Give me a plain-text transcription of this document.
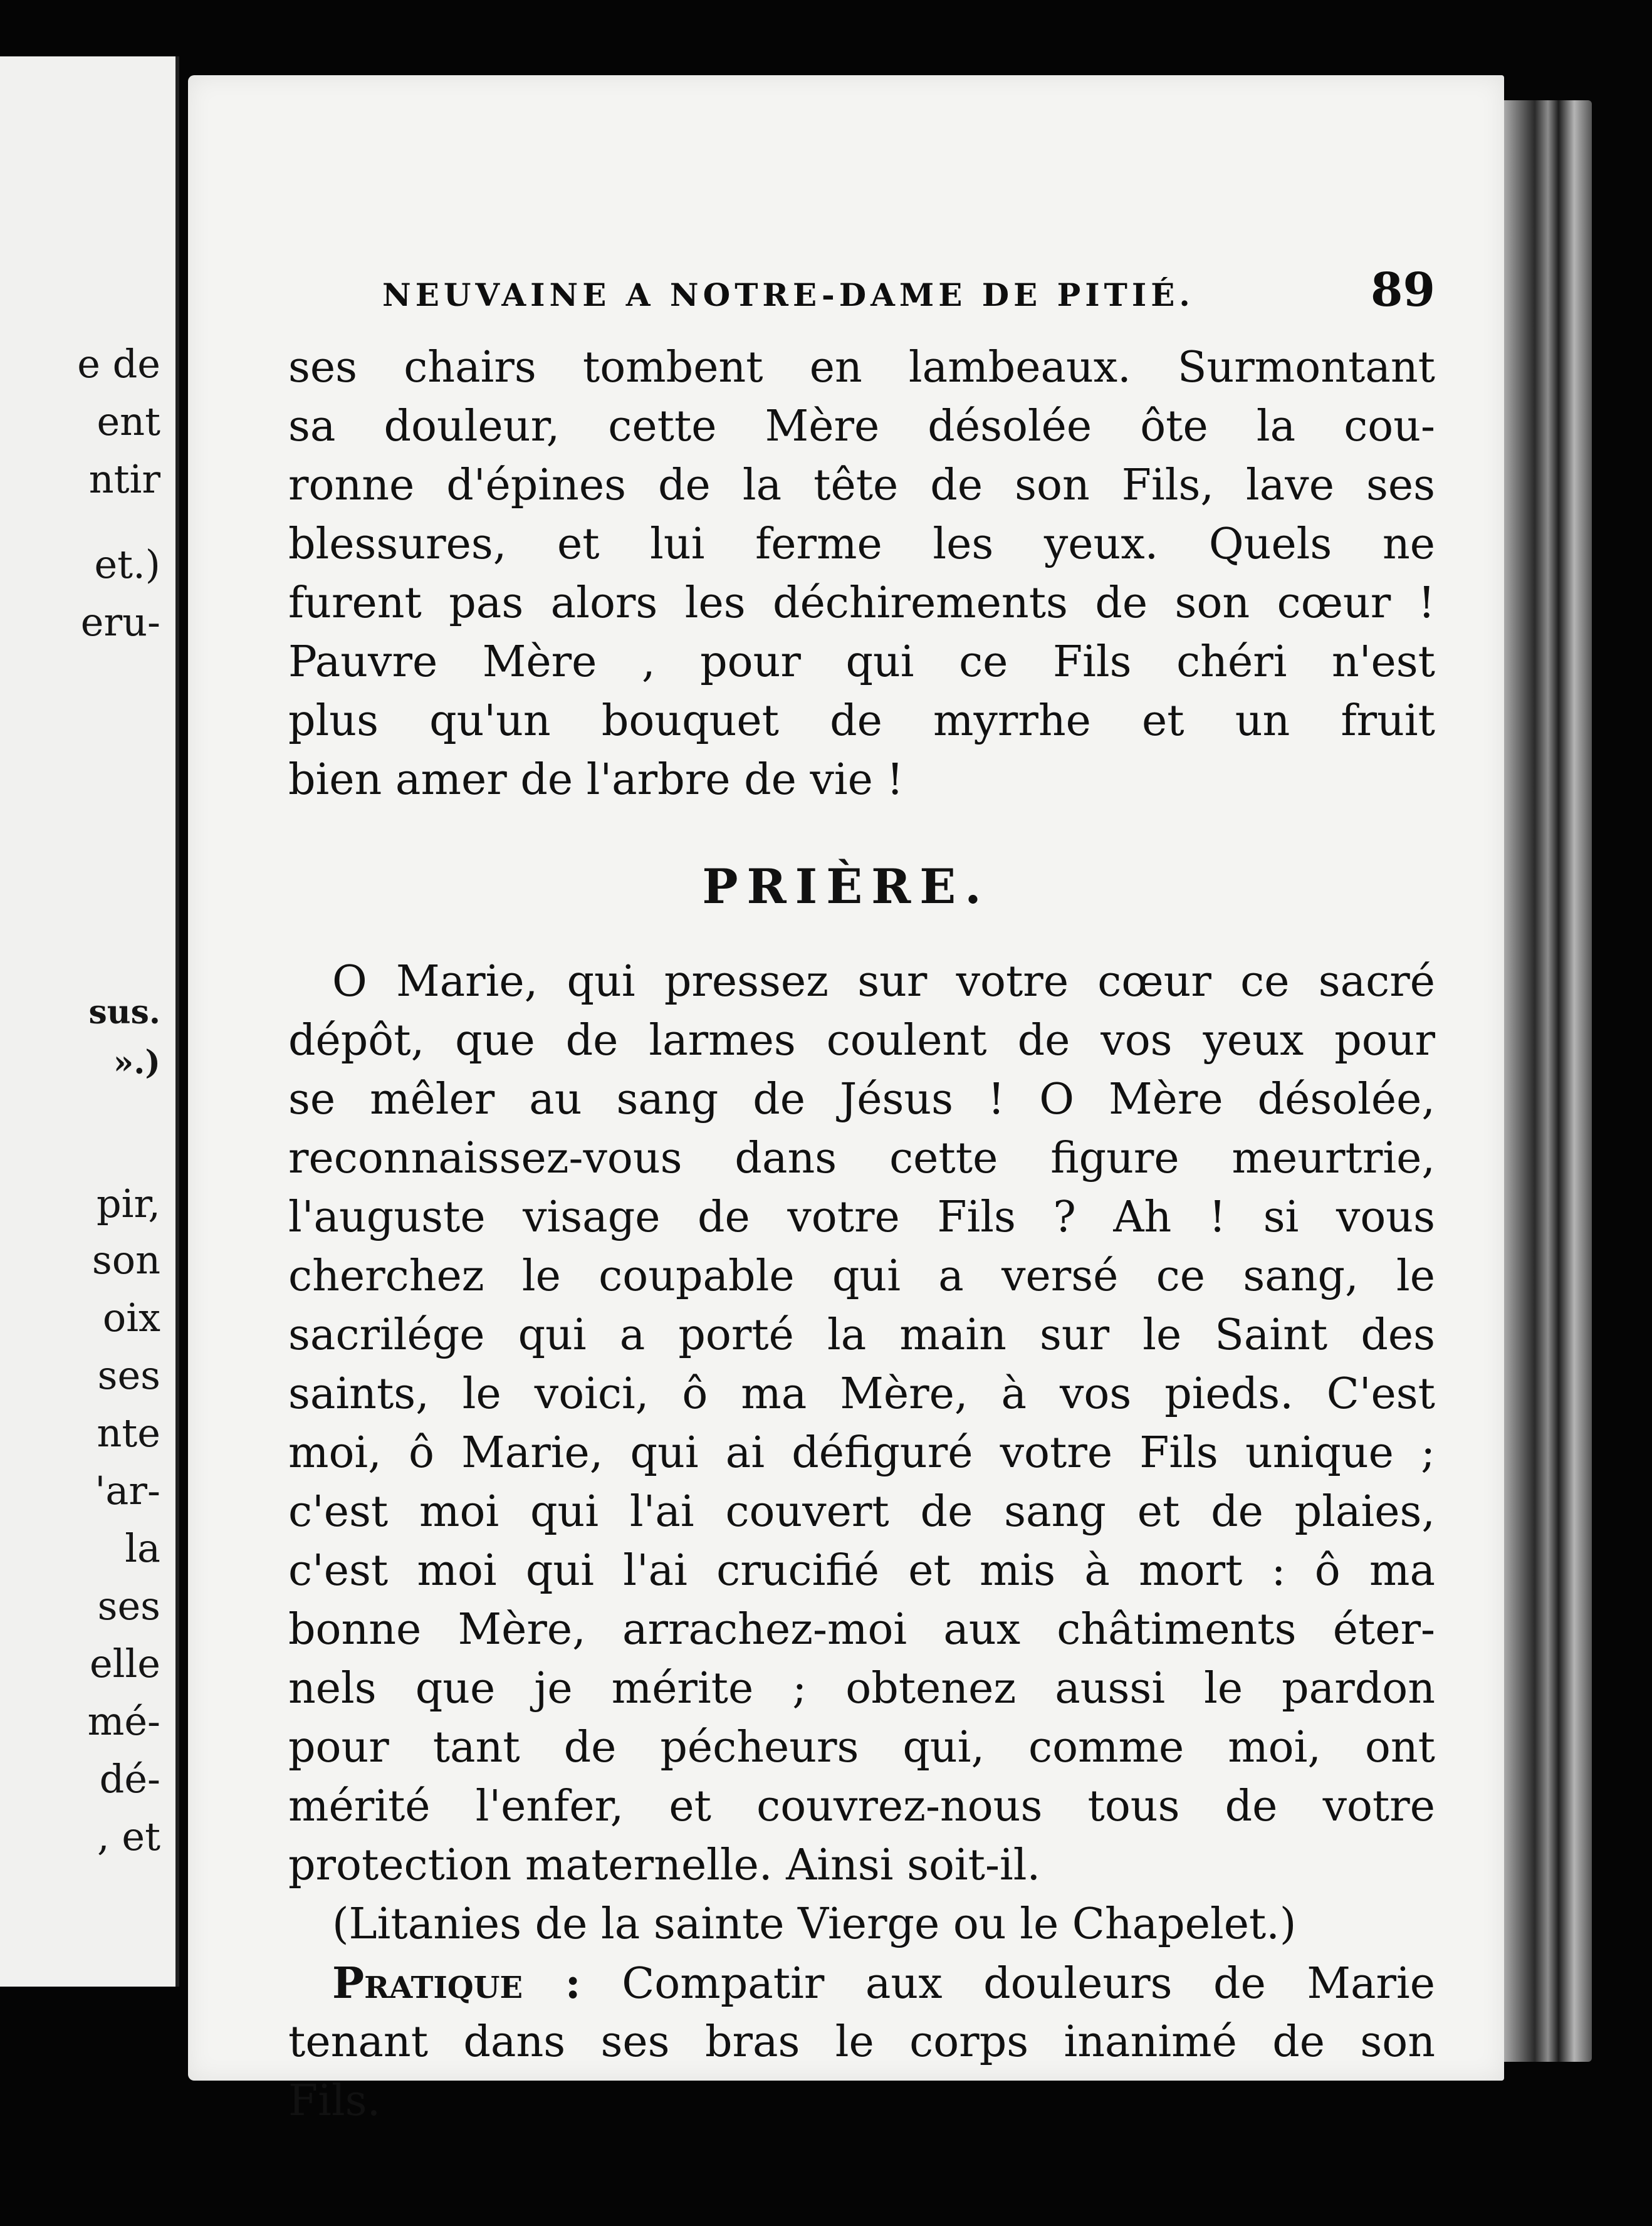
e de
ent
ntir
et.)
eru-
sus.
».)
pir,
son
oix
ses
nte
'ar-
la
ses
elle
mé-
dé-
, et
NEUVAINE A NOTRE-DAME DE PITIÉ.	89
ses chairs tombent en lambeaux. Surmontant
sa douleur, cette Mère désolée ôte la cou-
ronne d'épines de la tête de son Fils, lave ses
blessures, et lui ferme les yeux. Quels ne
furent pas alors les déchirements de son cœur !
Pauvre Mère , pour qui ce Fils chéri n'est
plus qu'un bouquet de myrrhe et un fruit
bien amer de l'arbre de vie !
PRIÈRE.
O Marie, qui pressez sur votre cœur ce sacré
dépôt, que de larmes coulent de vos yeux pour
se mêler au sang de Jésus ! O Mère désolée,
reconnaissez-vous dans cette figure meurtrie,
l'auguste visage de votre Fils ? Ah ! si vous
cherchez le coupable qui a versé ce sang, le
sacrilége qui a porté la main sur le Saint des
saints, le voici, ô ma Mère, à vos pieds. C'est
moi, ô Marie, qui ai défiguré votre Fils unique ;
c'est moi qui l'ai couvert de sang et de plaies,
c'est moi qui l'ai crucifié et mis à mort : ô ma
bonne Mère, arrachez-moi aux châtiments éter-
nels que je mérite ; obtenez aussi le pardon
pour tant de pécheurs qui, comme moi, ont
mérité l'enfer, et couvrez-nous tous de votre
protection maternelle. Ainsi soit-il.
(Litanies de la sainte Vierge ou le Chapelet.)
Pratique : Compatir aux douleurs de Marie
tenant dans ses bras le corps inanimé de son
Fils.
